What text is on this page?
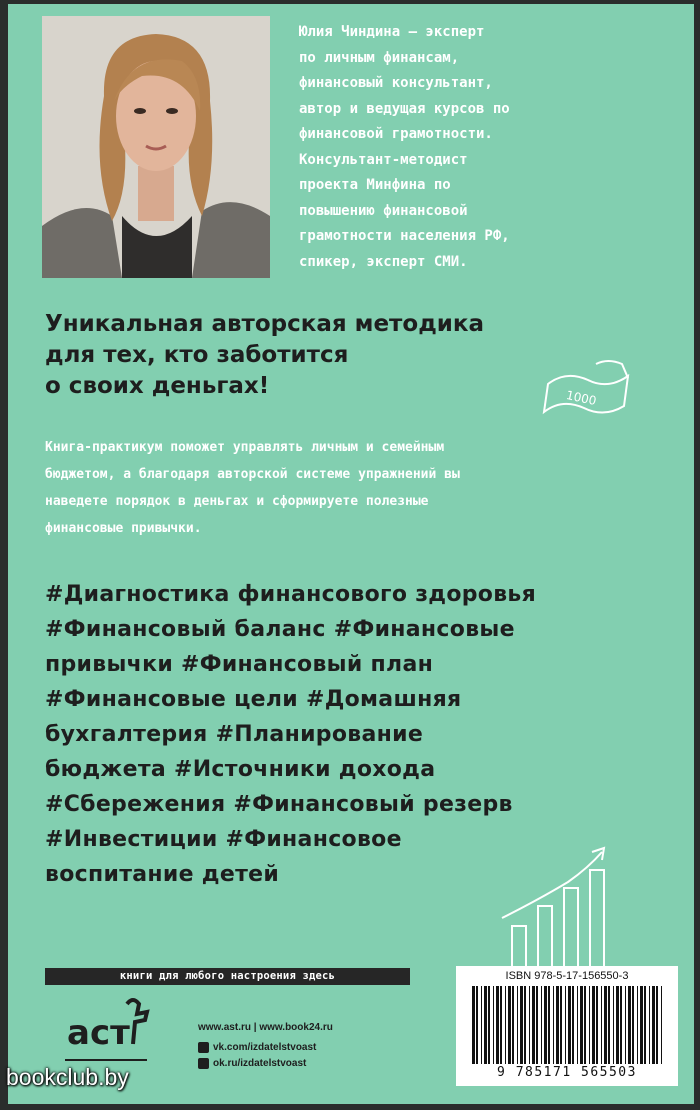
Юлия Чиндина — эксперт
по личным финансам,
финансовый консультант,
автор и ведущая курсов по
финансовой грамотности.
Консультант-методист
проекта Минфина по
повышению финансовой
грамотности населения РФ,
спикер, эксперт СМИ.
Уникальная авторская методика
для тех, кто заботится
о своих деньгах!	1000
Книга-практикум поможет управлять личным и семейным
бюджетом, а благодаря авторской системе упражнений вы
наведете порядок в деньгах и сформируете полезные
финансовые привычки.
#Диагностика финансового здоровья
#Финансовый баланс #Финансовые
привычки #Финансовый план
#Финансовые цели #Домашняя
бухгалтерия #Планирование
бюджета #Источники дохода
#Сбережения #Финансовый резерв
#Инвестиции #Финансовое
воспитание детей
книги для любого настроения здесь
аст	www.ast.ru | www.book24.ru
vk.com/izdatelstvoast
ok.ru/izdatelstvoast
ISBN 978-5-17-156550-3
9 785171 565503
bookclub.by
